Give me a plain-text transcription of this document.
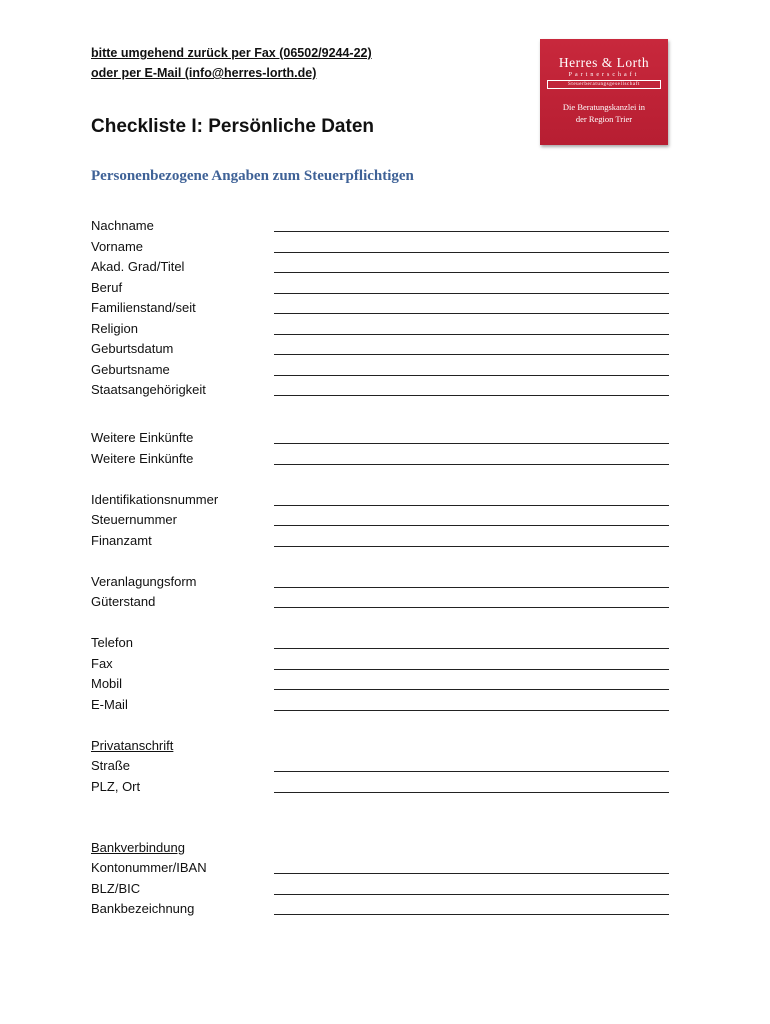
bitte umgehend zurück per Fax (06502/9244-22)
oder per E-Mail (info@herres-lorth.de)
Herres & Lorth
Partnerschaft
Steuerberatungsgesellschaft
Die Beratungskanzlei in
der Region Trier
Checkliste I: Persönliche Daten
Personenbezogene Angaben zum Steuerpflichtigen
Nachname
Vorname
Akad. Grad/Titel
Beruf
Familienstand/seit
Religion
Geburtsdatum
Geburtsname
Staatsangehörigkeit
Weitere Einkünfte
Weitere Einkünfte
Identifikationsnummer
Steuernummer
Finanzamt
Veranlagungsform
Güterstand
Telefon
Fax
Mobil
E-Mail
Privatanschrift
Straße
PLZ, Ort
Bankverbindung
Kontonummer/IBAN
BLZ/BIC
Bankbezeichnung
